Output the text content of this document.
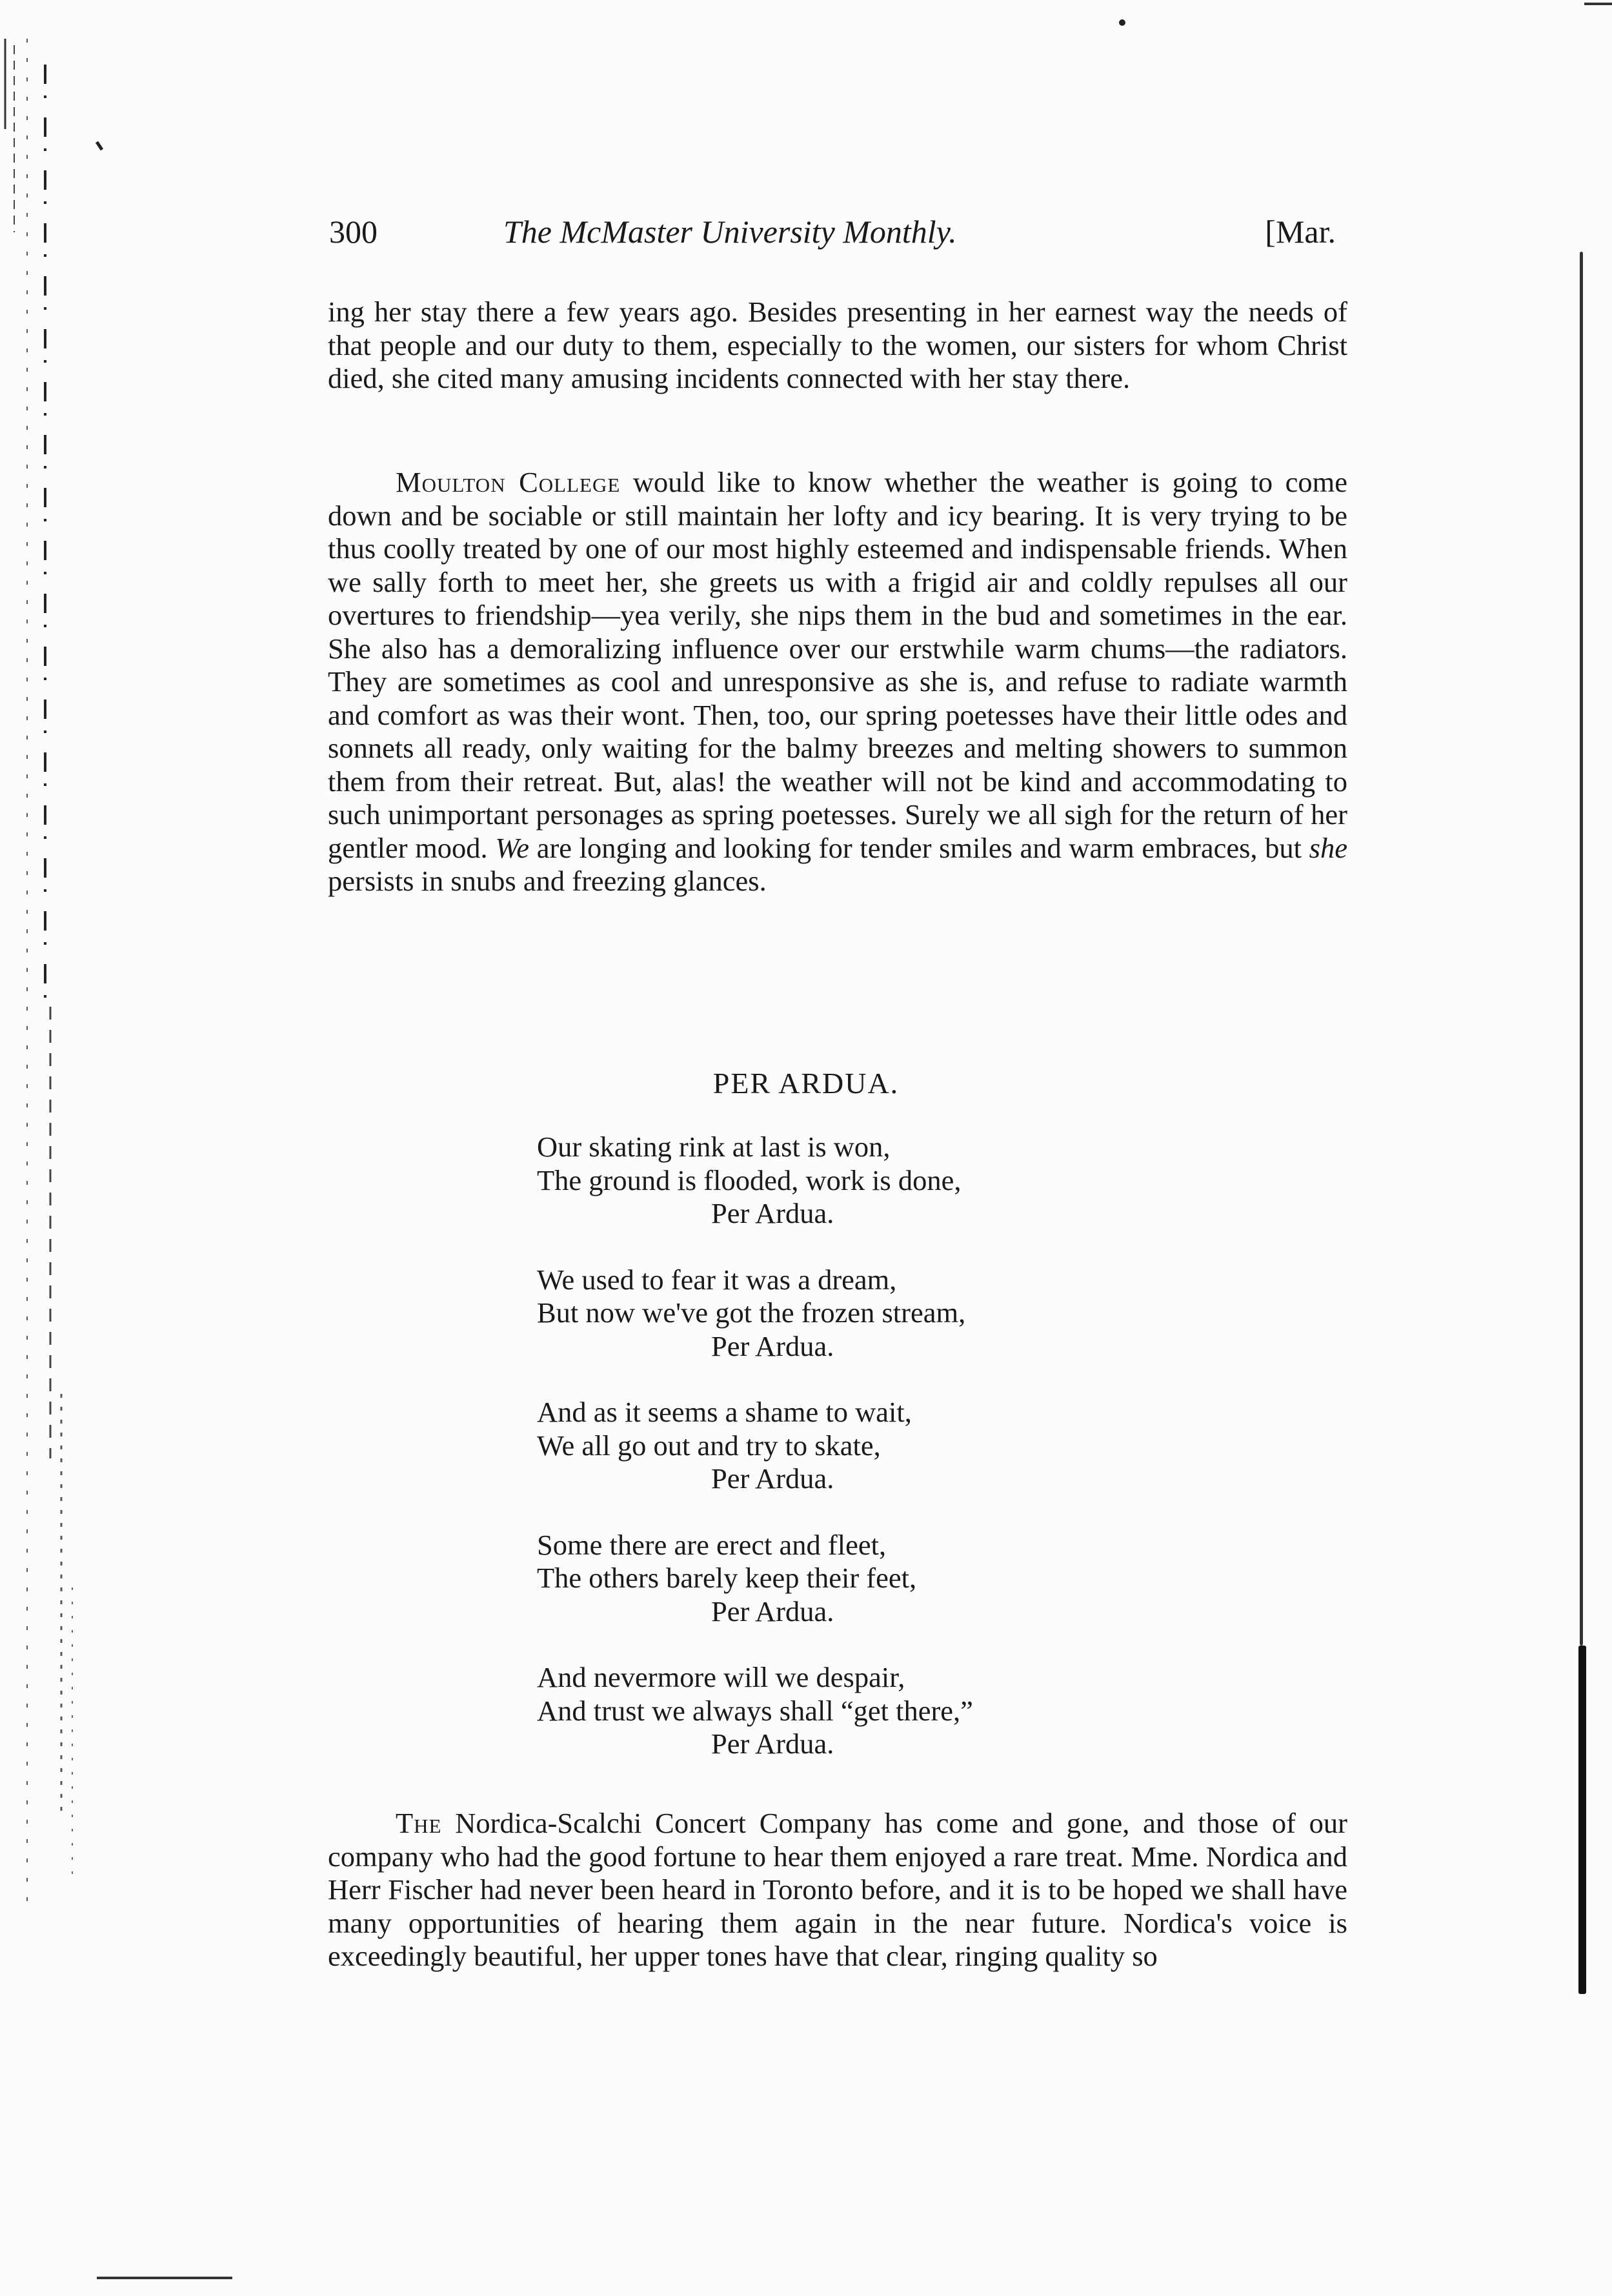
300	The McMaster University Monthly.	[Mar.

ing her stay there a few years ago. Besides presenting in her earnest way the needs of that people and our duty to them, especially to the women, our sisters for whom Christ died, she cited many amusing incidents connected with her stay there.

Moulton College would like to know whether the weather is going to come down and be sociable or still maintain her lofty and icy bearing. It is very trying to be thus coolly treated by one of our most highly esteemed and indispensable friends. When we sally forth to meet her, she greets us with a frigid air and coldly repulses all our overtures to friendship—yea verily, she nips them in the bud and sometimes in the ear. She also has a demoralizing influence over our erstwhile warm chums—the radiators. They are sometimes as cool and unresponsive as she is, and refuse to radiate warmth and comfort as was their wont. Then, too, our spring poetesses have their little odes and sonnets all ready, only waiting for the balmy breezes and melting showers to summon them from their retreat. But, alas! the weather will not be kind and accommodating to such unimportant personages as spring poetesses. Surely we all sigh for the return of her gentler mood. We are longing and looking for tender smiles and warm embraces, but she persists in snubs and freezing glances.

PER ARDUA.
Our skating rink at last is won,
The ground is flooded, work is done,
Per Ardua.
We used to fear it was a dream,
But now we've got the frozen stream,
Per Ardua.
And as it seems a shame to wait,
We all go out and try to skate,
Per Ardua.
Some there are erect and fleet,
The others barely keep their feet,
Per Ardua.
And nevermore will we despair,
And trust we always shall “get there,”
Per Ardua.

The Nordica-Scalchi Concert Company has come and gone, and those of our company who had the good fortune to hear them enjoyed a rare treat. Mme. Nordica and Herr Fischer had never been heard in Toronto before, and it is to be hoped we shall have many opportunities of hearing them again in the near future. Nordica's voice is exceedingly beautiful, her upper tones have that clear, ringing quality so
